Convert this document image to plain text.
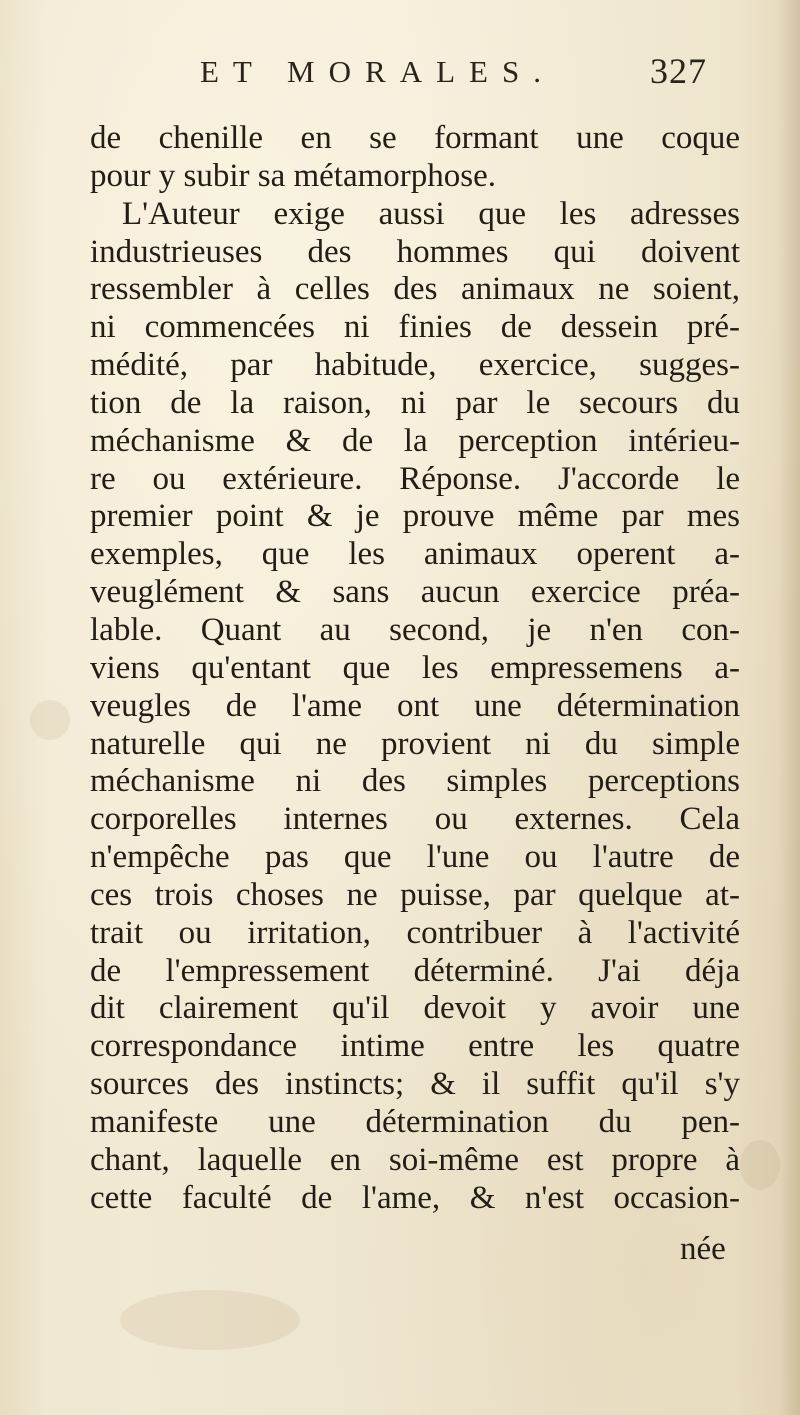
ET MORALES.	327
de chenille en se formant une coque
pour y subir sa métamorphose.
L'Auteur exige aussi que les adresses
industrieuses des hommes qui doivent
ressembler à celles des animaux ne soient,
ni commencées ni finies de dessein pré-
médité, par habitude, exercice, sugges-
tion de la raison, ni par le secours du
méchanisme & de la perception intérieu-
re ou extérieure. Réponse. J'accorde le
premier point & je prouve même par mes
exemples, que les animaux operent a-
veuglément & sans aucun exercice préa-
lable. Quant au second, je n'en con-
viens qu'entant que les empressemens a-
veugles de l'ame ont une détermination
naturelle qui ne provient ni du simple
méchanisme ni des simples perceptions
corporelles internes ou externes. Cela
n'empêche pas que l'une ou l'autre de
ces trois choses ne puisse, par quelque at-
trait ou irritation, contribuer à l'activité
de l'empressement déterminé. J'ai déja
dit clairement qu'il devoit y avoir une
correspondance intime entre les quatre
sources des instincts; & il suffit qu'il s'y
manifeste une détermination du pen-
chant, laquelle en soi-même est propre à
cette faculté de l'ame, & n'est occasion-
née
